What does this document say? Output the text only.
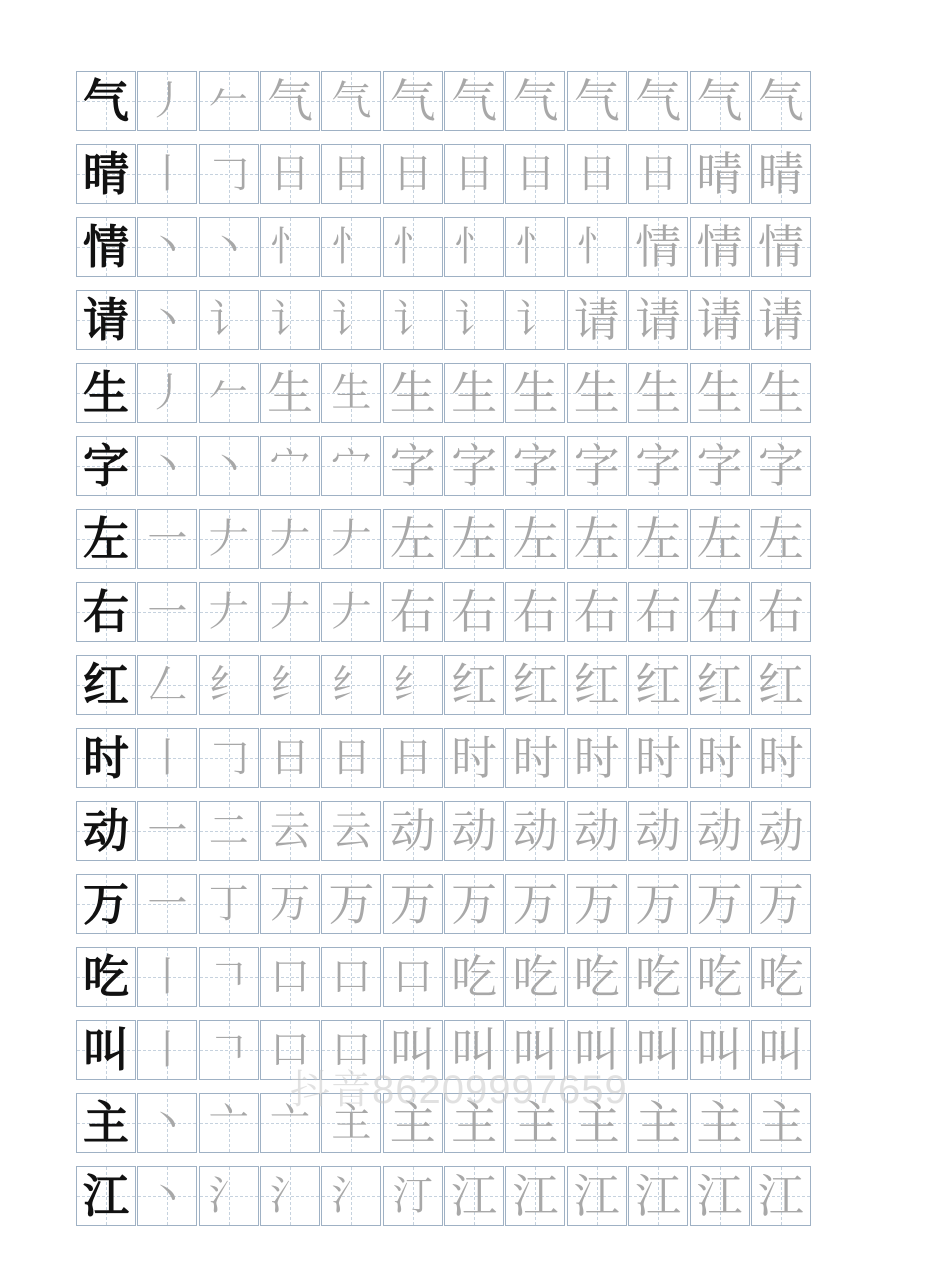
气 丿 𠂉 气 气 气 气 气 气 气 气 气
晴 丨 𠃌 日 日 日 日 日 日 日 晴 晴
情 丶 丶 忄 忄 忄 忄 忄 忄 情 情 情
请 丶 讠 讠 讠 讠 讠 讠 请 请 请 请
生 丿 𠂉 生 生 生 生 生 生 生 生 生
字 丶 丶 宀 宀 字 字 字 字 字 字 字
左 一 𠂇 𠂇 𠂇 左 左 左 左 左 左 左
右 一 𠂇 𠂇 𠂇 右 右 右 右 右 右 右
红 𠃋 纟 纟 纟 纟 红 红 红 红 红 红
时 丨 𠃌 日 日 日 时 时 时 时 时 时
动 一 二 云 云 动 动 动 动 动 动 动
万 一 丁 万 万 万 万 万 万 万 万 万
吃 丨 𠃍 口 口 口 吃 吃 吃 吃 吃 吃
叫 丨 𠃍 口 口 叫 叫 叫 叫 叫 叫 叫
主 丶 亠 亠 主 主 主 主 主 主 主 主
江 丶 氵 氵 氵 汀 江 江 江 江 江 江
抖音86209997659
